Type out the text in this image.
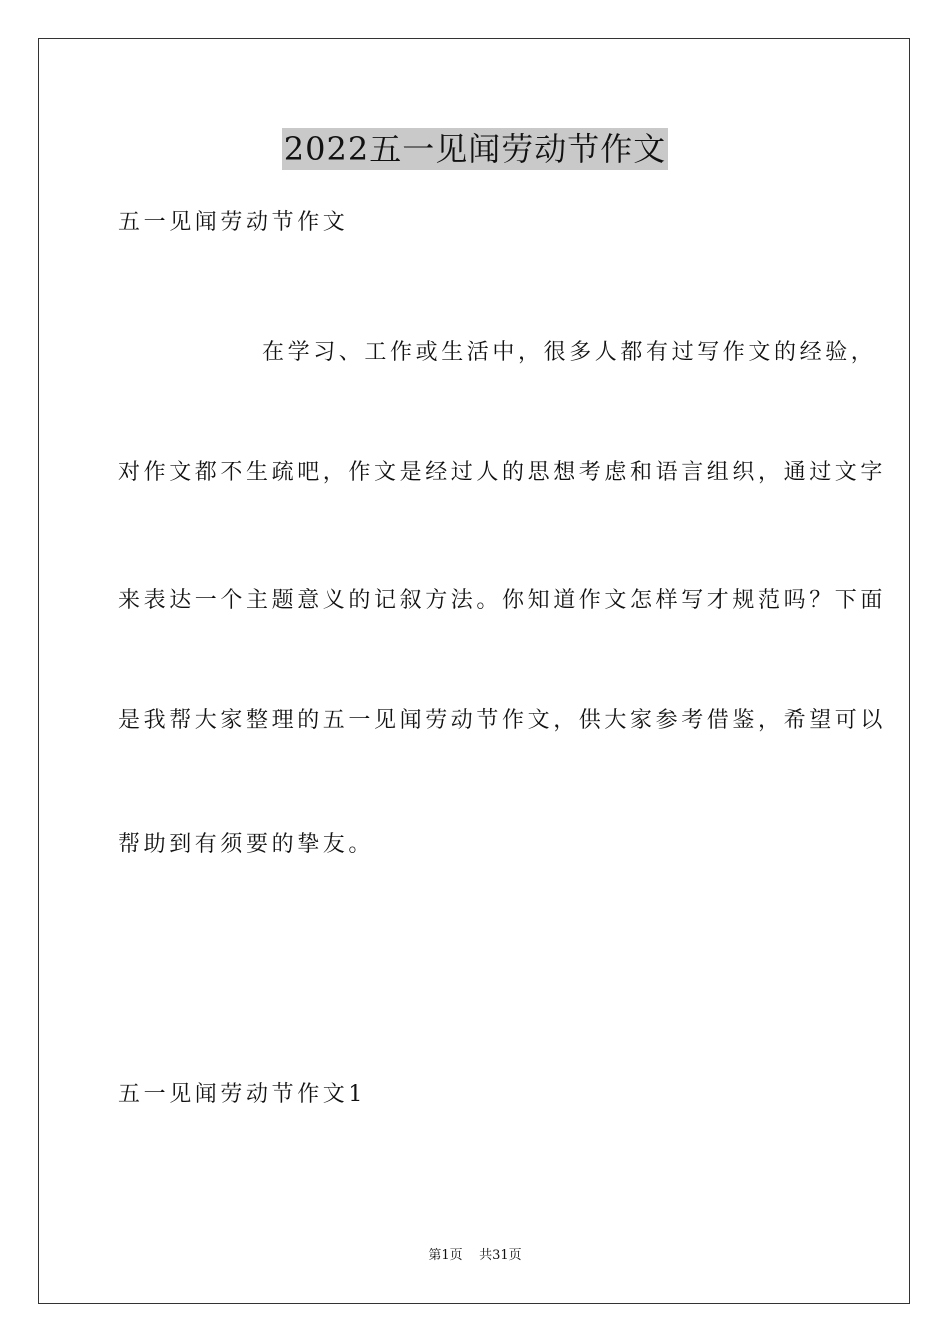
2022五一见闻劳动节作文

五一见闻劳动节作文

在学习、工作或生活中，很多人都有过写作文的经验，

对作文都不生疏吧，作文是经过人的思想考虑和语言组织，通过文字

来表达一个主题意义的记叙方法。你知道作文怎样写才规范吗？下面

是我帮大家整理的五一见闻劳动节作文，供大家参考借鉴，希望可以

帮助到有须要的挚友。

五一见闻劳动节作文1

第1页    共31页
